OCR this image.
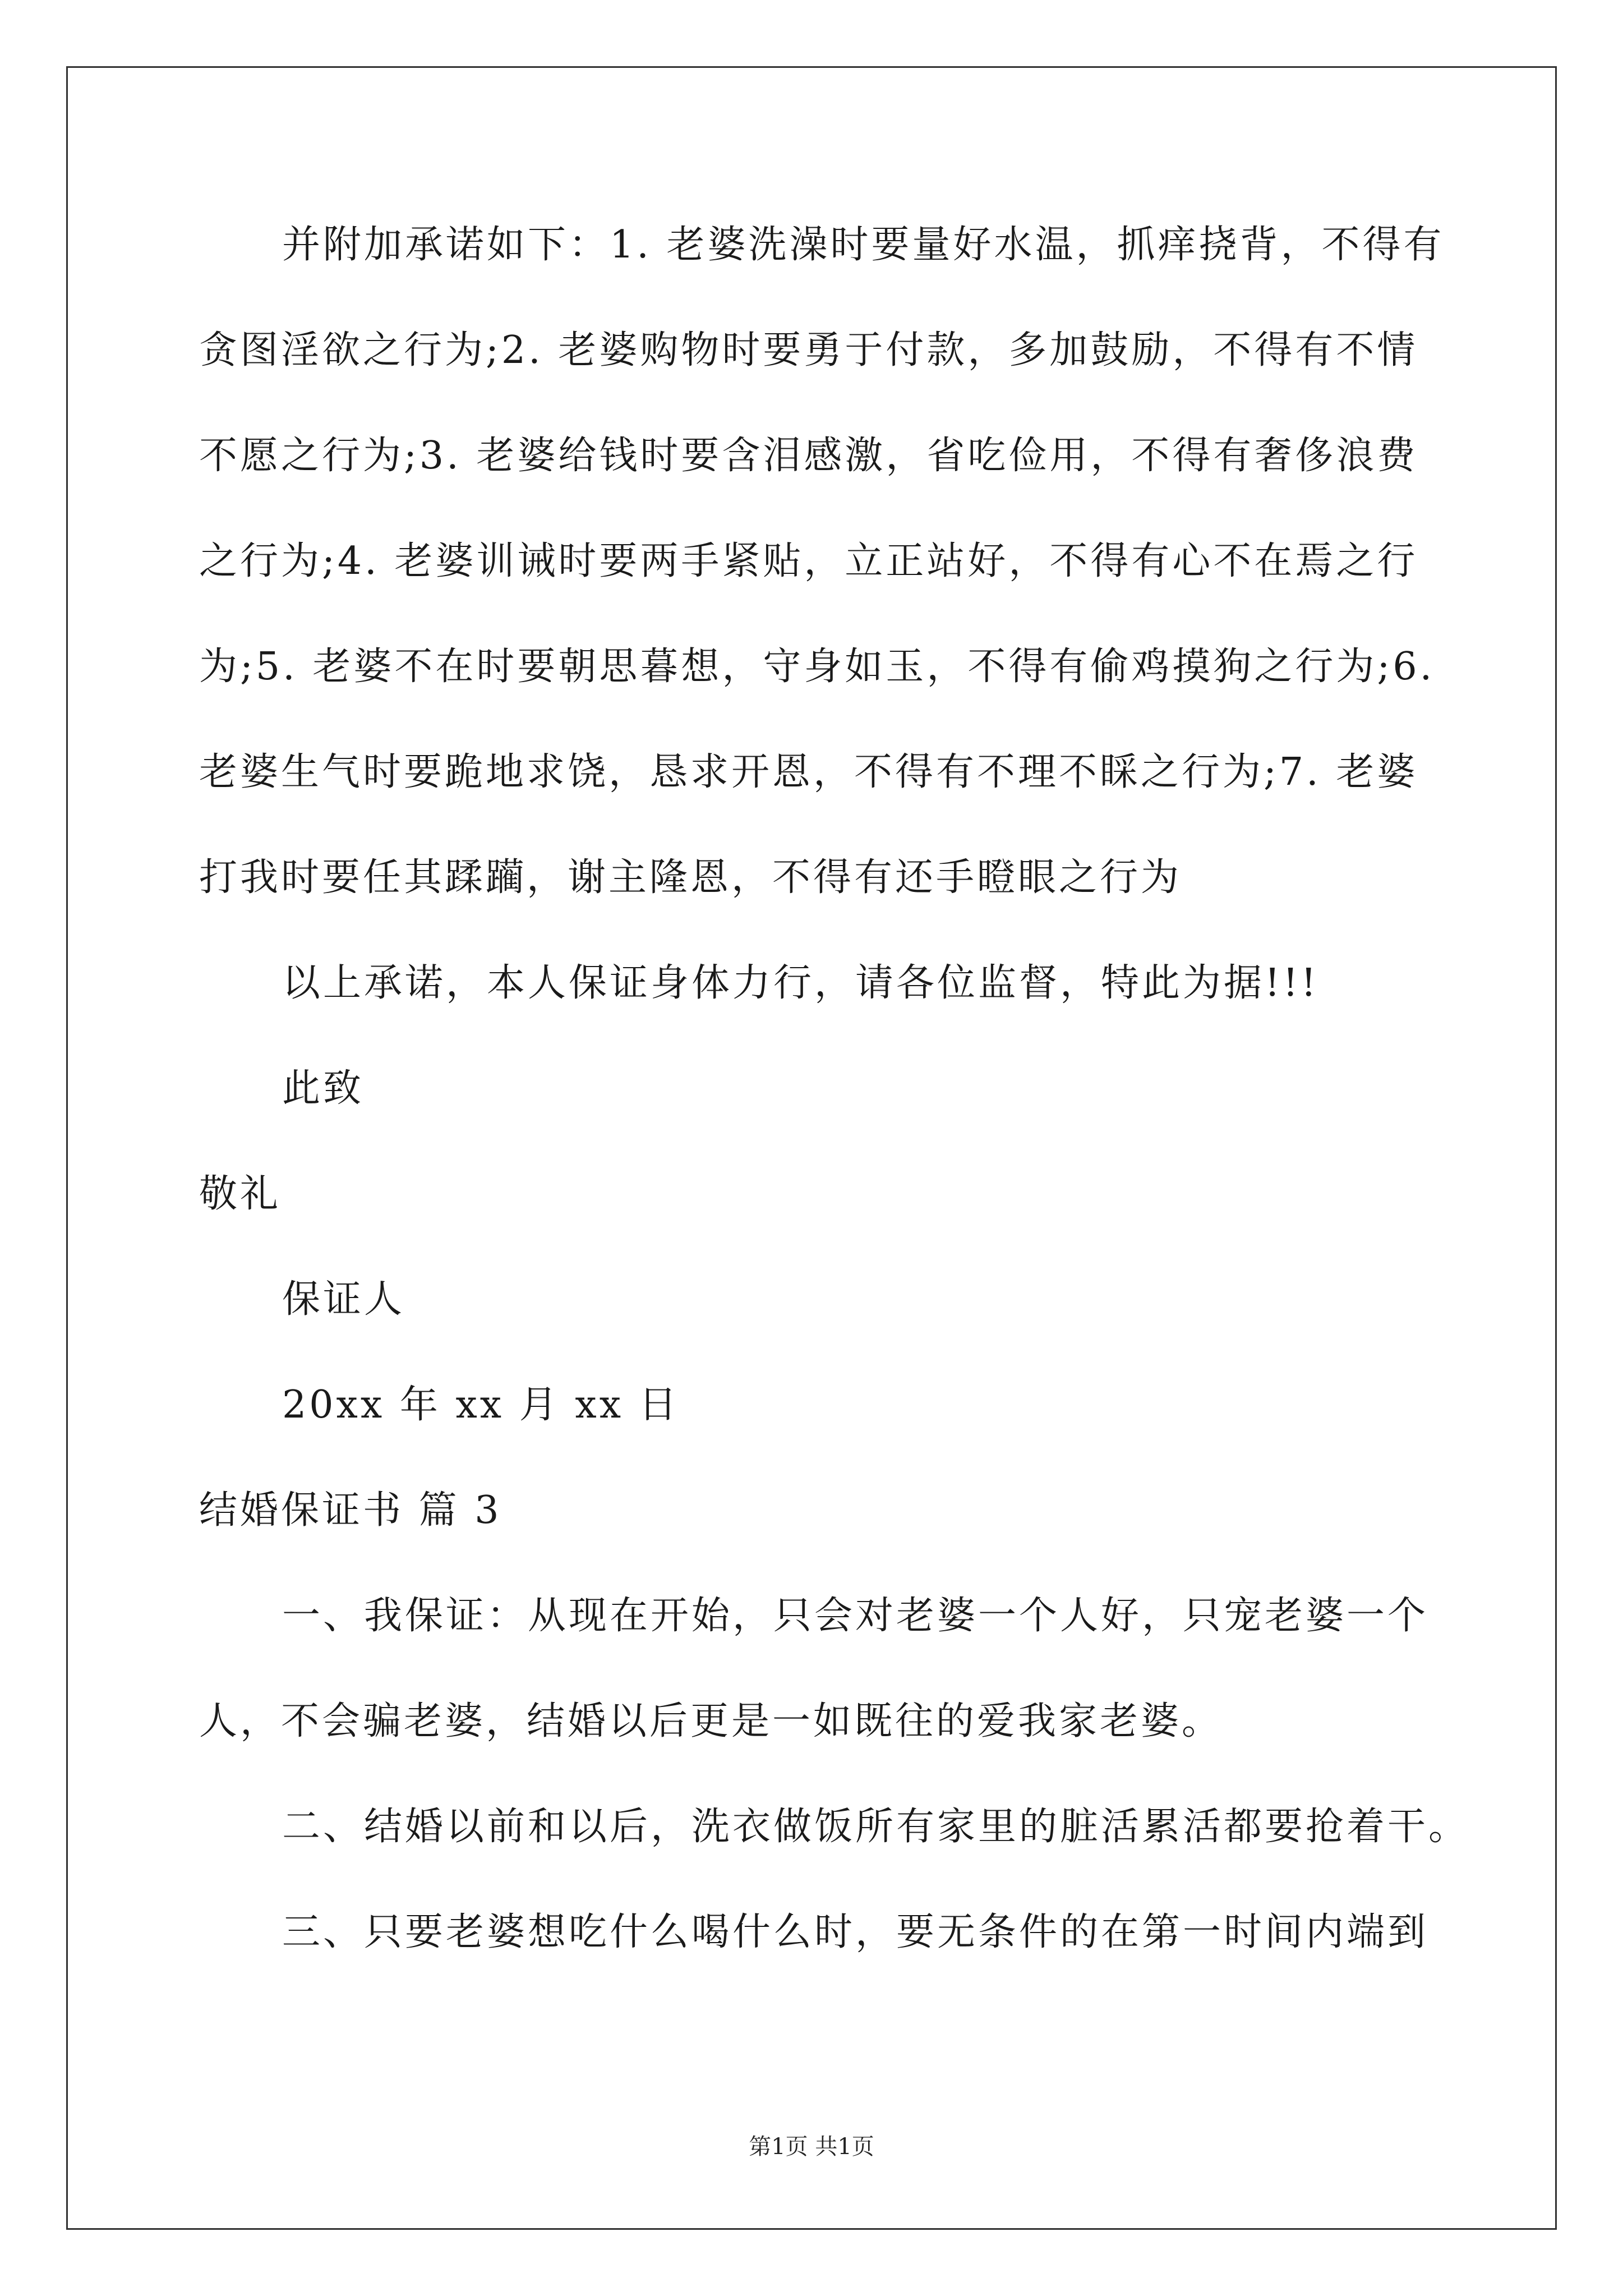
并附加承诺如下：1. 老婆洗澡时要量好水温，抓痒挠背，不得有
贪图淫欲之行为;2. 老婆购物时要勇于付款，多加鼓励，不得有不情
不愿之行为;3. 老婆给钱时要含泪感激，省吃俭用，不得有奢侈浪费
之行为;4. 老婆训诫时要两手紧贴，立正站好，不得有心不在焉之行
为;5. 老婆不在时要朝思暮想，守身如玉，不得有偷鸡摸狗之行为;6.
老婆生气时要跪地求饶，恳求开恩，不得有不理不睬之行为;7. 老婆
打我时要任其蹂躏，谢主隆恩，不得有还手瞪眼之行为
以上承诺，本人保证身体力行，请各位监督，特此为据!!!
此致
敬礼
保证人
20xx 年 xx 月 xx 日
结婚保证书 篇 3
一、我保证：从现在开始，只会对老婆一个人好，只宠老婆一个
人，不会骗老婆，结婚以后更是一如既往的爱我家老婆。
二、结婚以前和以后，洗衣做饭所有家里的脏活累活都要抢着干。
三、只要老婆想吃什么喝什么时，要无条件的在第一时间内端到
第1页 共1页
